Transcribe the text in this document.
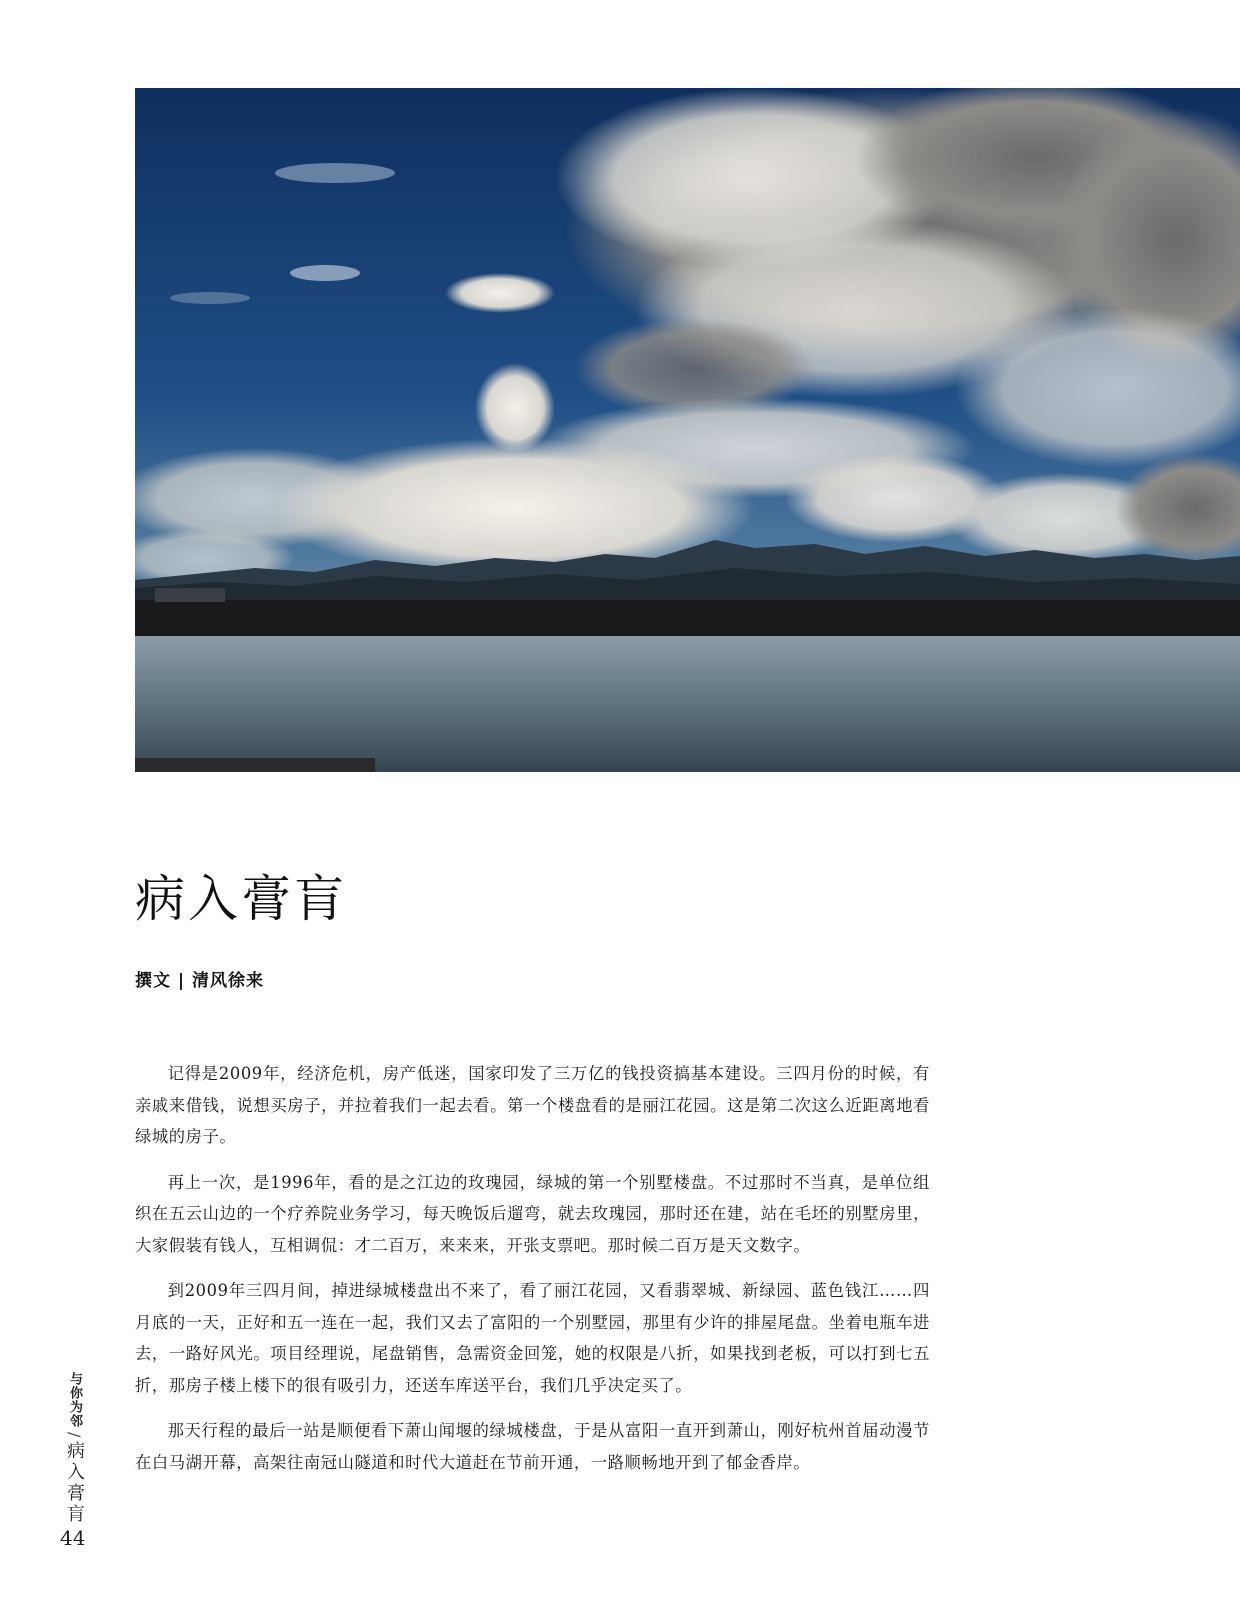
病入膏肓
撰文 | 清风徐来

记得是2009年，经济危机，房产低迷，国家印发了三万亿的钱投资搞基本建设。三四月份的时候，有亲戚来借钱，说想买房子，并拉着我们一起去看。第一个楼盘看的是丽江花园。这是第二次这么近距离地看绿城的房子。

再上一次，是1996年，看的是之江边的玫瑰园，绿城的第一个别墅楼盘。不过那时不当真，是单位组织在五云山边的一个疗养院业务学习，每天晚饭后遛弯，就去玫瑰园，那时还在建，站在毛坯的别墅房里，大家假装有钱人，互相调侃：才二百万，来来来，开张支票吧。那时候二百万是天文数字。

到2009年三四月间，掉进绿城楼盘出不来了，看了丽江花园，又看翡翠城、新绿园、蓝色钱江……四月底的一天，正好和五一连在一起，我们又去了富阳的一个别墅园，那里有少许的排屋尾盘。坐着电瓶车进去，一路好风光。项目经理说，尾盘销售，急需资金回笼，她的权限是八折，如果找到老板，可以打到七五折，那房子楼上楼下的很有吸引力，还送车库送平台，我们几乎决定买了。

那天行程的最后一站是顺便看下萧山闻堰的绿城楼盘，于是从富阳一直开到萧山，刚好杭州首届动漫节在白马湖开幕，高架往南冠山隧道和时代大道赶在节前开通，一路顺畅地开到了郁金香岸。

与你为邻/病入膏肓
44
